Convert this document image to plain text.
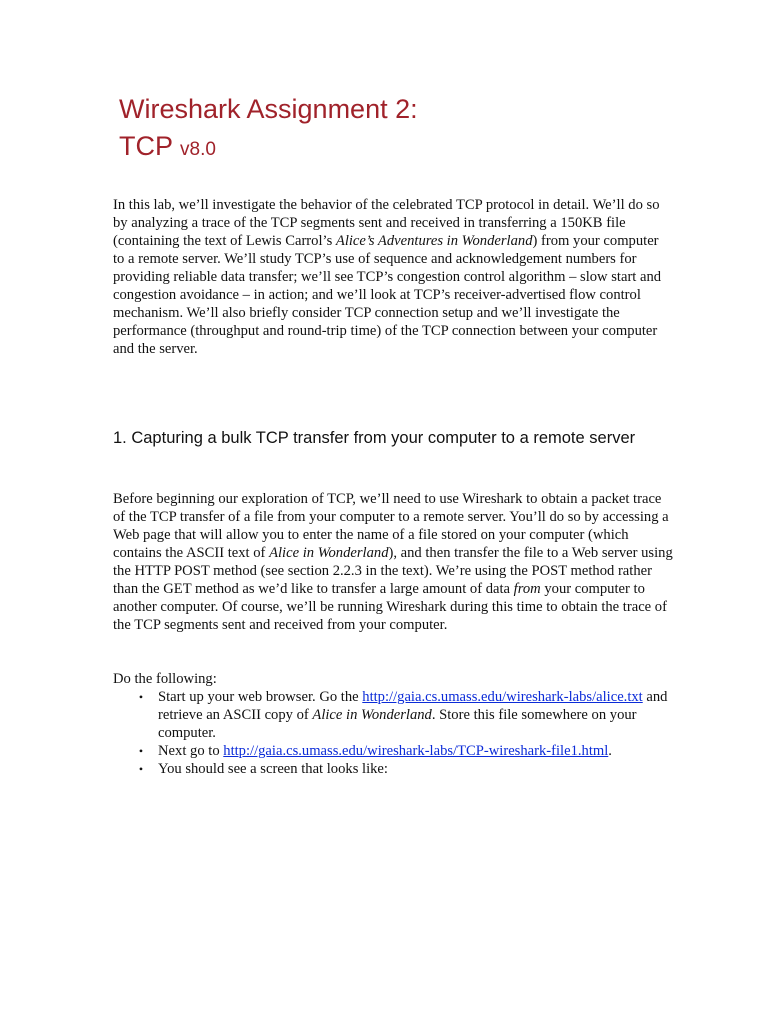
Wireshark Assignment 2:
TCP v8.0

In this lab, we’ll investigate the behavior of the celebrated TCP protocol in detail. We’ll do so by analyzing a trace of the TCP segments sent and received in transferring a 150KB file (containing the text of Lewis Carrol’s Alice’s Adventures in Wonderland) from your computer to a remote server. We’ll study TCP’s use of sequence and acknowledgement numbers for providing reliable data transfer; we’ll see TCP’s congestion control algorithm – slow start and congestion avoidance – in action; and we’ll look at TCP’s receiver-advertised flow control mechanism. We’ll also briefly consider TCP connection setup and we’ll investigate the performance (throughput and round-trip time) of the TCP connection between your computer and the server.

1. Capturing a bulk TCP transfer from your computer to a remote server

Before beginning our exploration of TCP, we’ll need to use Wireshark to obtain a packet trace of the TCP transfer of a file from your computer to a remote server. You’ll do so by accessing a Web page that will allow you to enter the name of a file stored on your computer (which contains the ASCII text of Alice in Wonderland), and then transfer the file to a Web server using the HTTP POST method (see section 2.2.3 in the text). We’re using the POST method rather than the GET method as we’d like to transfer a large amount of data from your computer to another computer. Of course, we’ll be running Wireshark during this time to obtain the trace of the TCP segments sent and received from your computer.

Do the following:

• Start up your web browser. Go the http://gaia.cs.umass.edu/wireshark-labs/alice.txt and retrieve an ASCII copy of Alice in Wonderland. Store this file somewhere on your computer.
• Next go to http://gaia.cs.umass.edu/wireshark-labs/TCP-wireshark-file1.html.
• You should see a screen that looks like:
